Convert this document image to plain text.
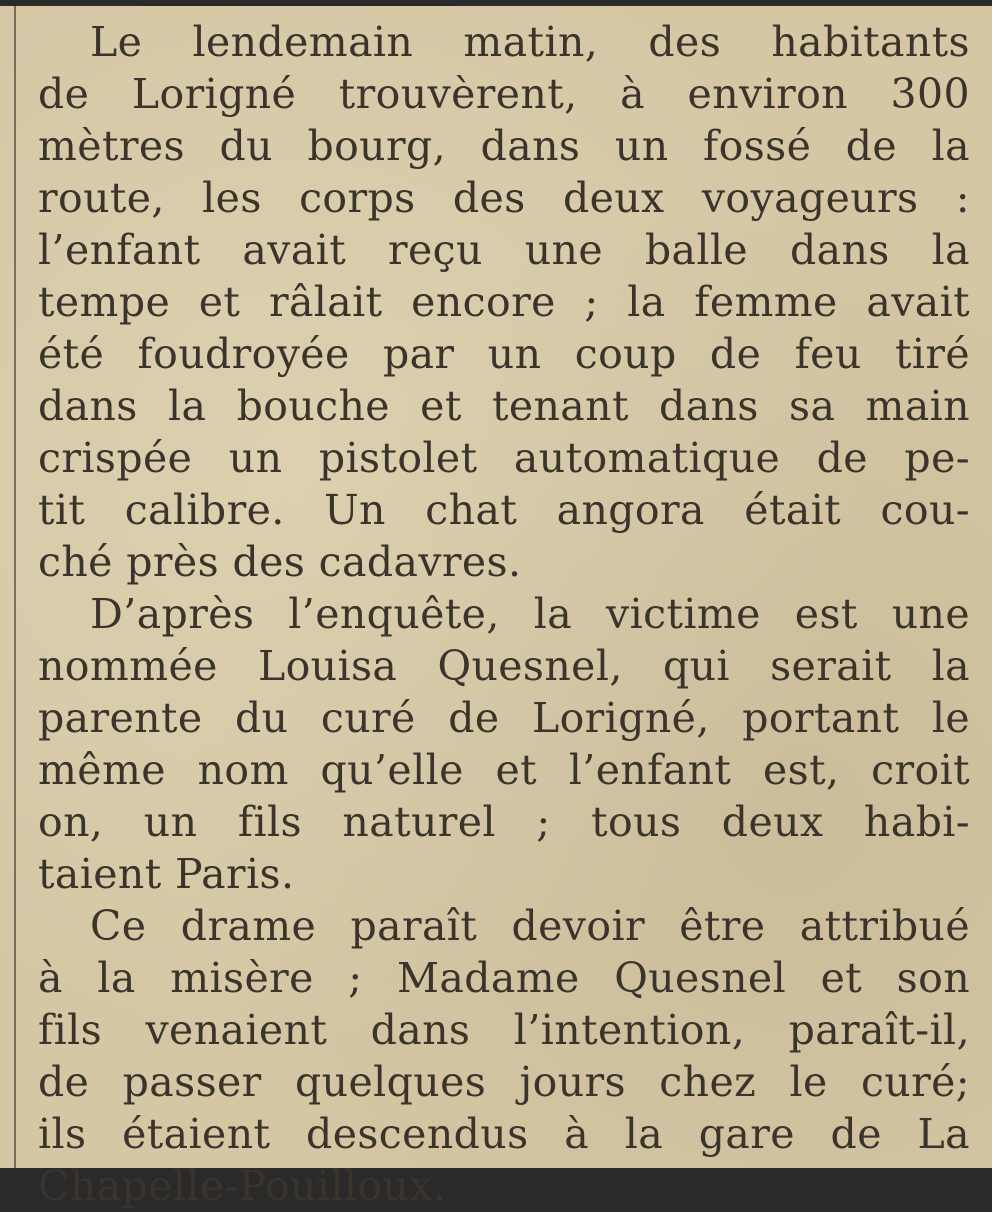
Le lendemain matin, des habitants
de Lorigné trouvèrent, à environ 300
mètres du bourg, dans un fossé de la
route, les corps des deux voyageurs :
l’enfant avait reçu une balle dans la
tempe et râlait encore ; la femme avait
été foudroyée par un coup de feu tiré
dans la bouche et tenant dans sa main
crispée un pistolet automatique de pe-
tit calibre. Un chat angora était cou-
ché près des cadavres.
D’après l’enquête, la victime est une
nommée Louisa Quesnel, qui serait la
parente du curé de Lorigné, portant le
même nom qu’elle et l’enfant est, croit
on, un fils naturel ; tous deux habi-
taient Paris.
Ce drame paraît devoir être attribué
à la misère ; Madame Quesnel et son
fils venaient dans l’intention, paraît-il,
de passer quelques jours chez le curé;
ils étaient descendus à la gare de La
Chapelle-Pouilloux.
